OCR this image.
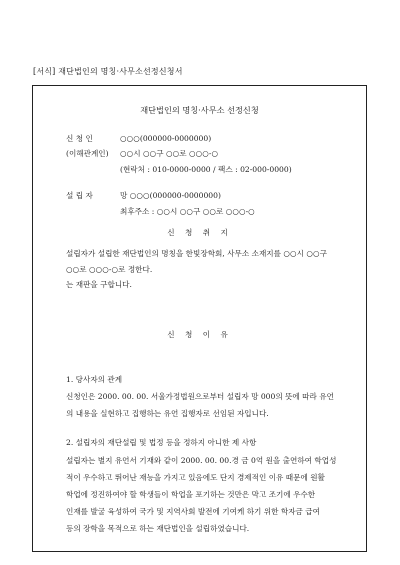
[서식] 재단법인의 명칭·사무소선정신청서
재단법인의 명칭·사무소 선정신청
신 청 인	○○○(000000-0000000)
(이해관계인) ○○시 ○○구 ○○로 ○○○-○
(현락처 : 010-0000-0000 / 팩스 : 02-000-0000)
설 립 자	망 ○○○(000000-0000000)
최후주소 : ○○시 ○○구 ○○로 ○○○-○
신 청 취 지
설립자가 설립한 재단법인의 명칭을 한빛장학회, 사무소 소재지를 ○○시 ○○구
○○로 ○○○-○로 정한다.
는 재판을 구합니다.
신 청 이 유
1. 당사자의 관계
신청인은 2000. 00. 00. 서울가정법원으로부터 설립자 망 000의 뜻에 따라 유언
의 내용을 실현하고 집행하는 유언 집행자로 선임된 자입니다.
2. 설립자의 재단설립 및 법정 등을 정하지 아니한 제 사항
설립자는 별지 유언서 기재와 같이 2000. 00. 00.경 금 0억 원을 출연하여 학업성
적이 우수하고 뛰어난 재능을 가지고 있음에도 단지 경제적인 이유 때문에 원활
학업에 정진하여야 할 학생들이 학업을 포기하는 것만은 막고 조기에 우수한
인재를 발굴 육성하여 국가 및 지역사회 발전에 기여케 하기 위한 학자금 급여
등의 장학을 목적으로 하는 재단법인을 설립하였습니다.
